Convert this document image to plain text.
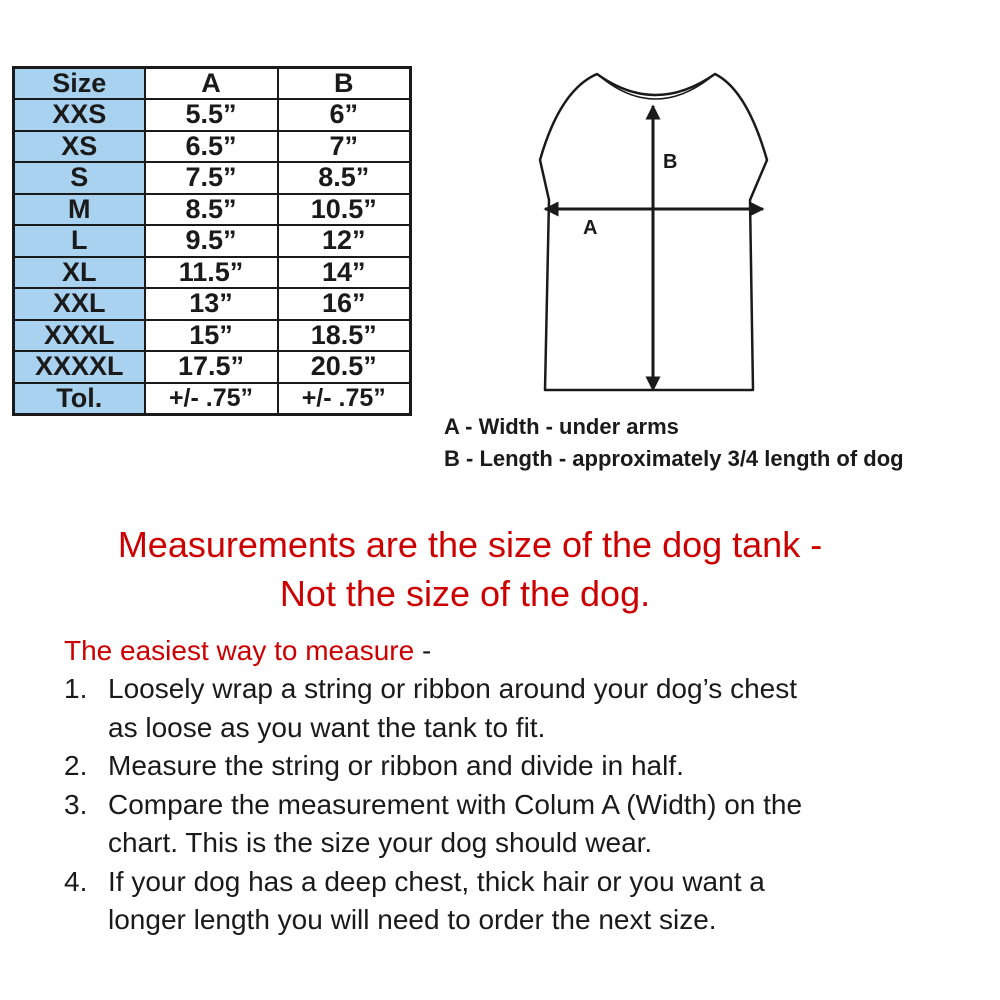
Size	A	B
XXS	5.5”	6”
XS	6.5”	7”
S	7.5”	8.5”
M	8.5”	10.5”
L	9.5”	12”
XL	11.5”	14”
XXL	13”	16”
XXXL	15”	18.5”
XXXXL	17.5”	20.5”
Tol.	+/- .75”	+/- .75”
B
A
A - Width - under arms
B - Length - approximately 3/4 length of dog
Measurements are the size of the dog tank -
Not the size of the dog.
The easiest way to measure -
1. Loosely wrap a string or ribbon around your dog’s chest
as loose as you want the tank to fit.
2. Measure the string or ribbon and divide in half.
3. Compare the measurement with Colum A (Width) on the
chart. This is the size your dog should wear.
4. If your dog has a deep chest, thick hair or you want a
longer length you will need to order the next size.
